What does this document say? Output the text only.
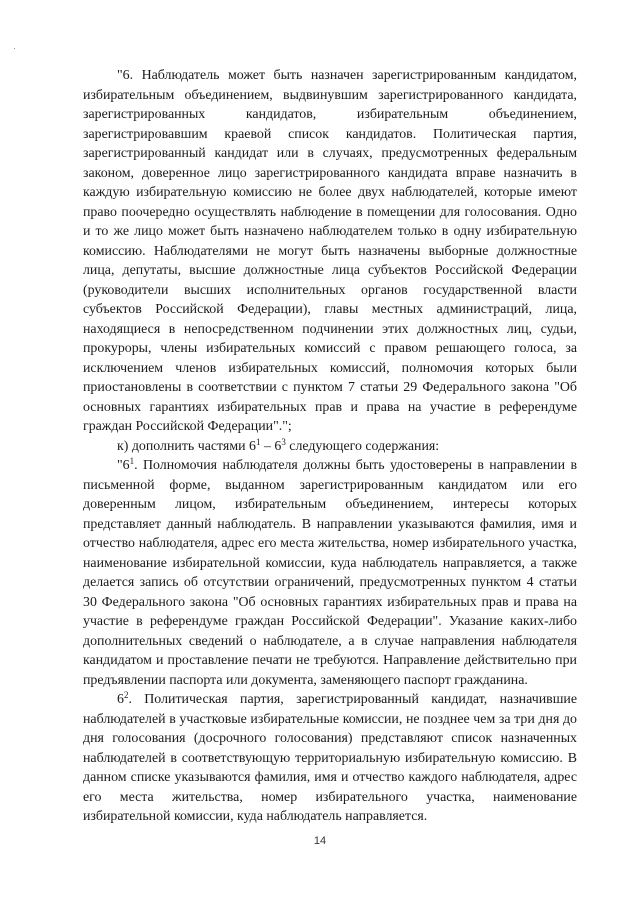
"6. Наблюдатель может быть назначен зарегистрированным кандидатом, избирательным объединением, выдвинувшим зарегистрированного кандидата, зарегистрированных кандидатов, избирательным объединением, зарегистрировавшим краевой список кандидатов. Политическая партия, зарегистрированный кандидат или в случаях, предусмотренных федеральным законом, доверенное лицо зарегистрированного кандидата вправе назначить в каждую избирательную комиссию не более двух наблюдателей, которые имеют право поочередно осуществлять наблюдение в помещении для голосования. Одно и то же лицо может быть назначено наблюдателем только в одну избирательную комиссию. Наблюдателями не могут быть назначены выборные должностные лица, депутаты, высшие должностные лица субъектов Российской Федерации (руководители высших исполнительных органов государственной власти субъектов Российской Федерации), главы местных администраций, лица, находящиеся в непосредственном подчинении этих должностных лиц, судьи, прокуроры, члены избирательных комиссий с правом решающего голоса, за исключением членов избирательных комиссий, полномочия которых были приостановлены в соответствии с пунктом 7 статьи 29 Федерального закона "Об основных гарантиях избирательных прав и права на участие в референдуме граждан Российской Федерации".";

к) дополнить частями $6^1 - 6^3$ следующего содержания:

"$6^1$. Полномочия наблюдателя должны быть удостоверены в направлении в письменной форме, выданном зарегистрированным кандидатом или его доверенным лицом, избирательным объединением, интересы которых представляет данный наблюдатель. В направлении указываются фамилия, имя и отчество наблюдателя, адрес его места жительства, номер избирательного участка, наименование избирательной комиссии, куда наблюдатель направляется, а также делается запись об отсутствии ограничений, предусмотренных пунктом 4 статьи 30 Федерального закона "Об основных гарантиях избирательных прав и права на участие в референдуме граждан Российской Федерации". Указание каких-либо дополнительных сведений о наблюдателе, а в случае направления наблюдателя кандидатом и проставление печати не требуются. Направление действительно при предъявлении паспорта или документа, заменяющего паспорт гражданина.

$6^2$. Политическая партия, зарегистрированный кандидат, назначившие наблюдателей в участковые избирательные комиссии, не позднее чем за три дня до дня голосования (досрочного голосования) представляют список назначенных наблюдателей в соответствующую территориальную избирательную комиссию. В данном списке указываются фамилия, имя и отчество каждого наблюдателя, адрес его места жительства, номер избирательного участка, наименование избирательной комиссии, куда наблюдатель направляется.

14
